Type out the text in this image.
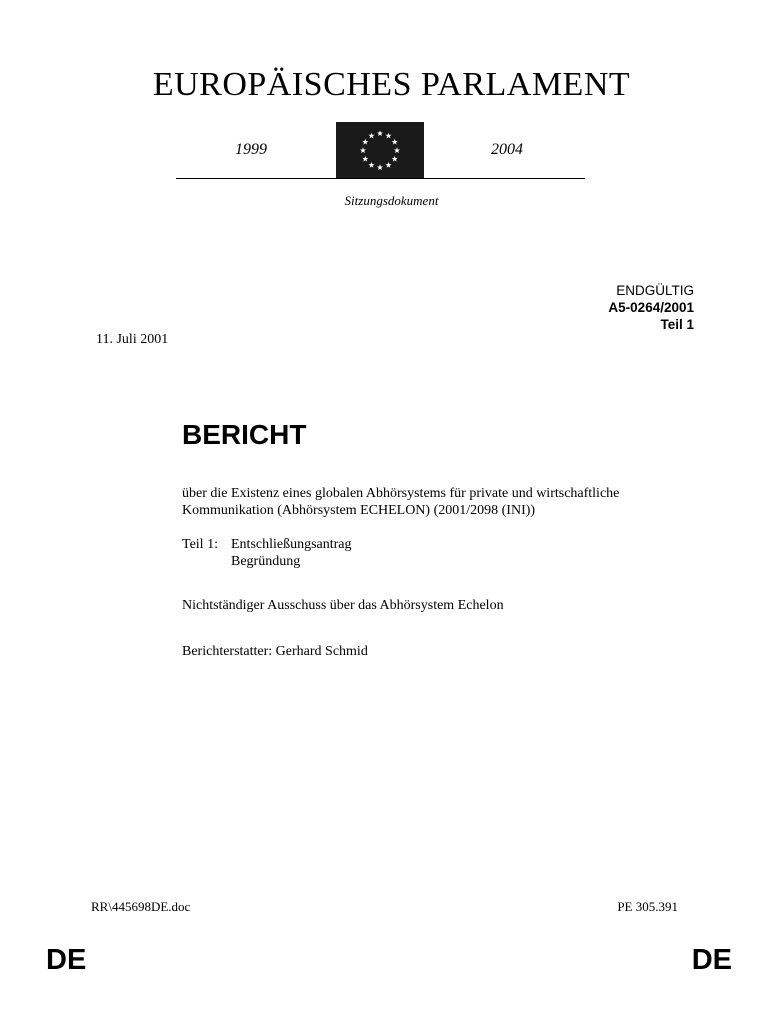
EUROPÄISCHES PARLAMENT
1999	2004
Sitzungsdokument
ENDGÜLTIG
A5-0264/2001
Teil 1
11. Juli 2001
BERICHT
über die Existenz eines globalen Abhörsystems für private und wirtschaftliche
Kommunikation (Abhörsystem ECHELON) (2001/2098 (INI))
Teil 1: Entschließungsantrag
Begründung
Nichtständiger Ausschuss über das Abhörsystem Echelon
Berichterstatter: Gerhard Schmid
RR\445698DE.doc	PE 305.391
DE	DE
